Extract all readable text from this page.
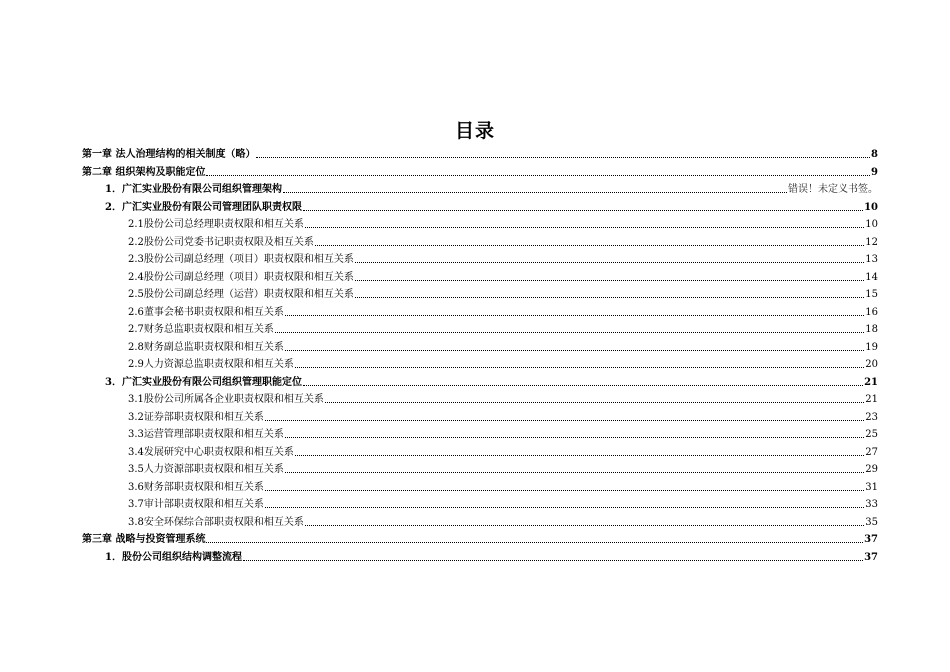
目录
第一章 法人治理结构的相关制度（略）	8
第二章 组织架构及职能定位	9
1．广汇实业股份有限公司组织管理架构	错误！未定义书签。
2．广汇实业股份有限公司管理团队职责权限	10
2.1股份公司总经理职责权限和相互关系	10
2.2股份公司党委书记职责权限及相互关系	12
2.3股份公司副总经理（项目）职责权限和相互关系	13
2.4股份公司副总经理（项目）职责权限和相互关系	14
2.5股份公司副总经理（运营）职责权限和相互关系	15
2.6董事会秘书职责权限和相互关系	16
2.7财务总监职责权限和相互关系	18
2.8财务副总监职责权限和相互关系	19
2.9人力资源总监职责权限和相互关系	20
3．广汇实业股份有限公司组织管理职能定位	21
3.1股份公司所属各企业职责权限和相互关系	21
3.2证券部职责权限和相互关系	23
3.3运营管理部职责权限和相互关系	25
3.4发展研究中心职责权限和相互关系	27
3.5人力资源部职责权限和相互关系	29
3.6财务部职责权限和相互关系	31
3.7审计部职责权限和相互关系	33
3.8安全环保综合部职责权限和相互关系	35
第三章 战略与投资管理系统	37
1．股份公司组织结构调整流程	37
